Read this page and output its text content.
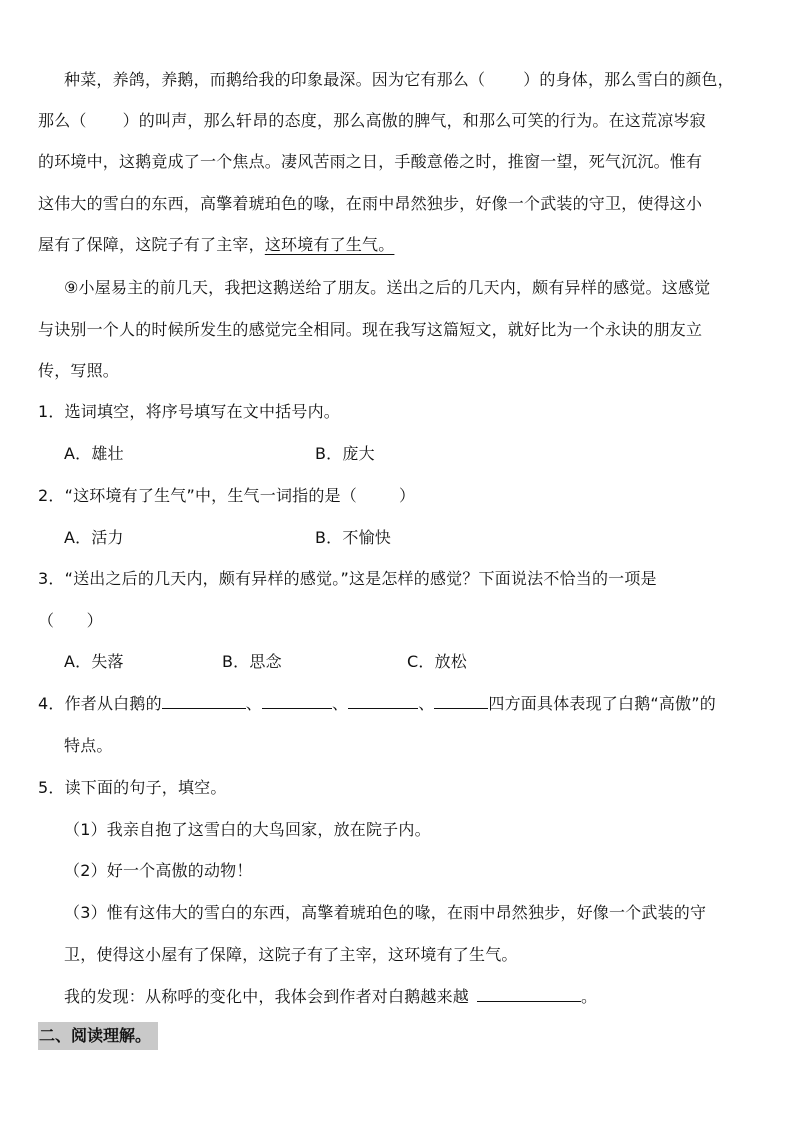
种菜，养鸽，养鹅，而鹅给我的印象最深。因为它有那么（ ）的身体，那么雪白的颜色，
那么（ ）的叫声，那么轩昂的态度，那么高傲的脾气，和那么可笑的行为。在这荒凉岑寂
的环境中，这鹅竟成了一个焦点。凄风苦雨之日，手酸意倦之时，推窗一望，死气沉沉。惟有
这伟大的雪白的东西，高擎着琥珀色的喙，在雨中昂然独步，好像一个武装的守卫，使得这小
屋有了保障，这院子有了主宰，这环境有了生气。
⑨小屋易主的前几天，我把这鹅送给了朋友。送出之后的几天内，颇有异样的感觉。这感觉
与诀别一个人的时候所发生的感觉完全相同。现在我写这篇短文，就好比为一个永诀的朋友立
传，写照。
1．选词填空，将序号填写在文中括号内。
A．雄壮	B．庞大
2．“这环境有了生气”中，生气一词指的是（	）
A．活力	B．不愉快
3．“送出之后的几天内，颇有异样的感觉。”这是怎样的感觉？下面说法不恰当的一项是
（　　）
A．失落	B．思念	C．放松
4．作者从白鹅的	、	、	、	四方面具体表现了白鹅“高傲”的
特点。
5．读下面的句子，填空。
（1）我亲自抱了这雪白的大鸟回家，放在院子内。
（2）好一个高傲的动物！
（3）惟有这伟大的雪白的东西，高擎着琥珀色的喙，在雨中昂然独步，好像一个武装的守
卫，使得这小屋有了保障，这院子有了主宰，这环境有了生气。
我的发现：从称呼的变化中，我体会到作者对白鹅越来越	。
二、阅读理解。
